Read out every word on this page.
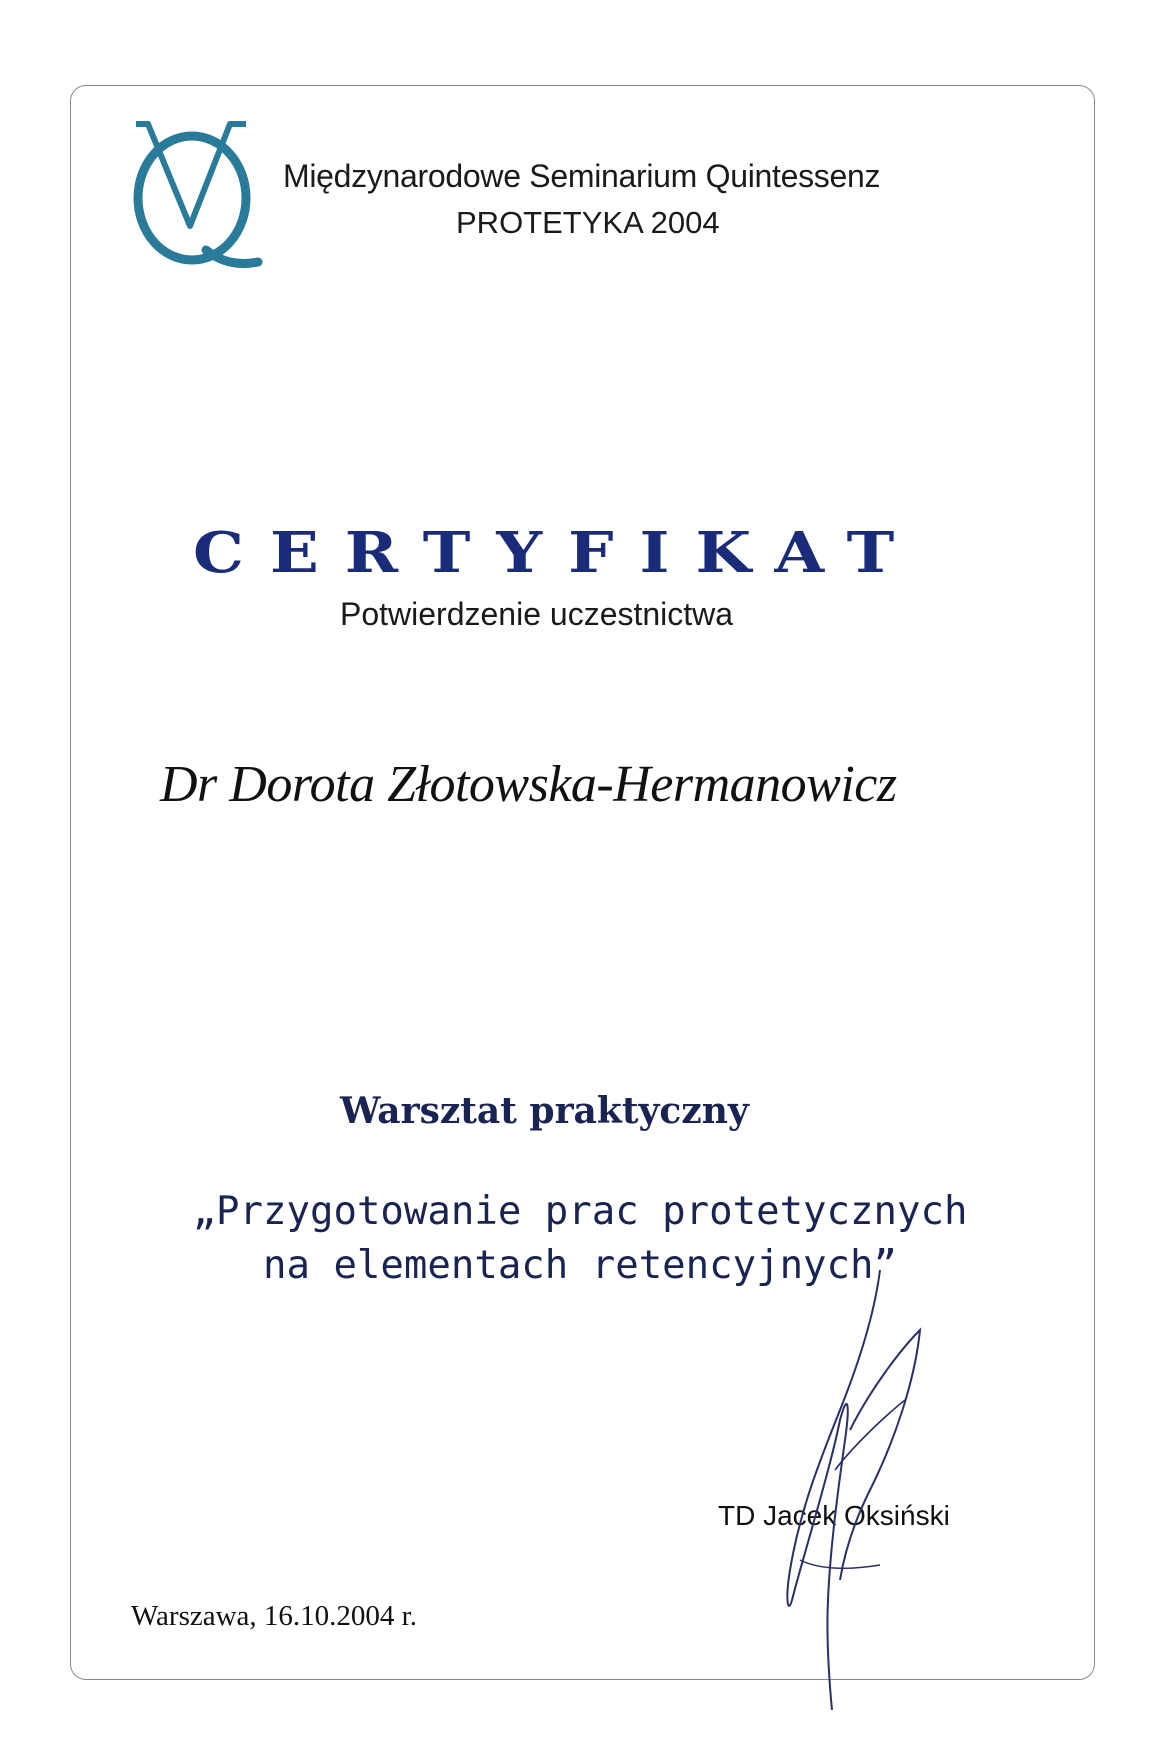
Międzynarodowe Seminarium Quintessenz
PROTETYKA 2004
CERTYFIKAT
Potwierdzenie uczestnictwa
Dr Dorota Złotowska-Hermanowicz
Warsztat praktyczny
„Przygotowanie prac protetycznych
na elementach retencyjnych”
TD Jacek Oksiński
Warszawa, 16.10.2004 r.
